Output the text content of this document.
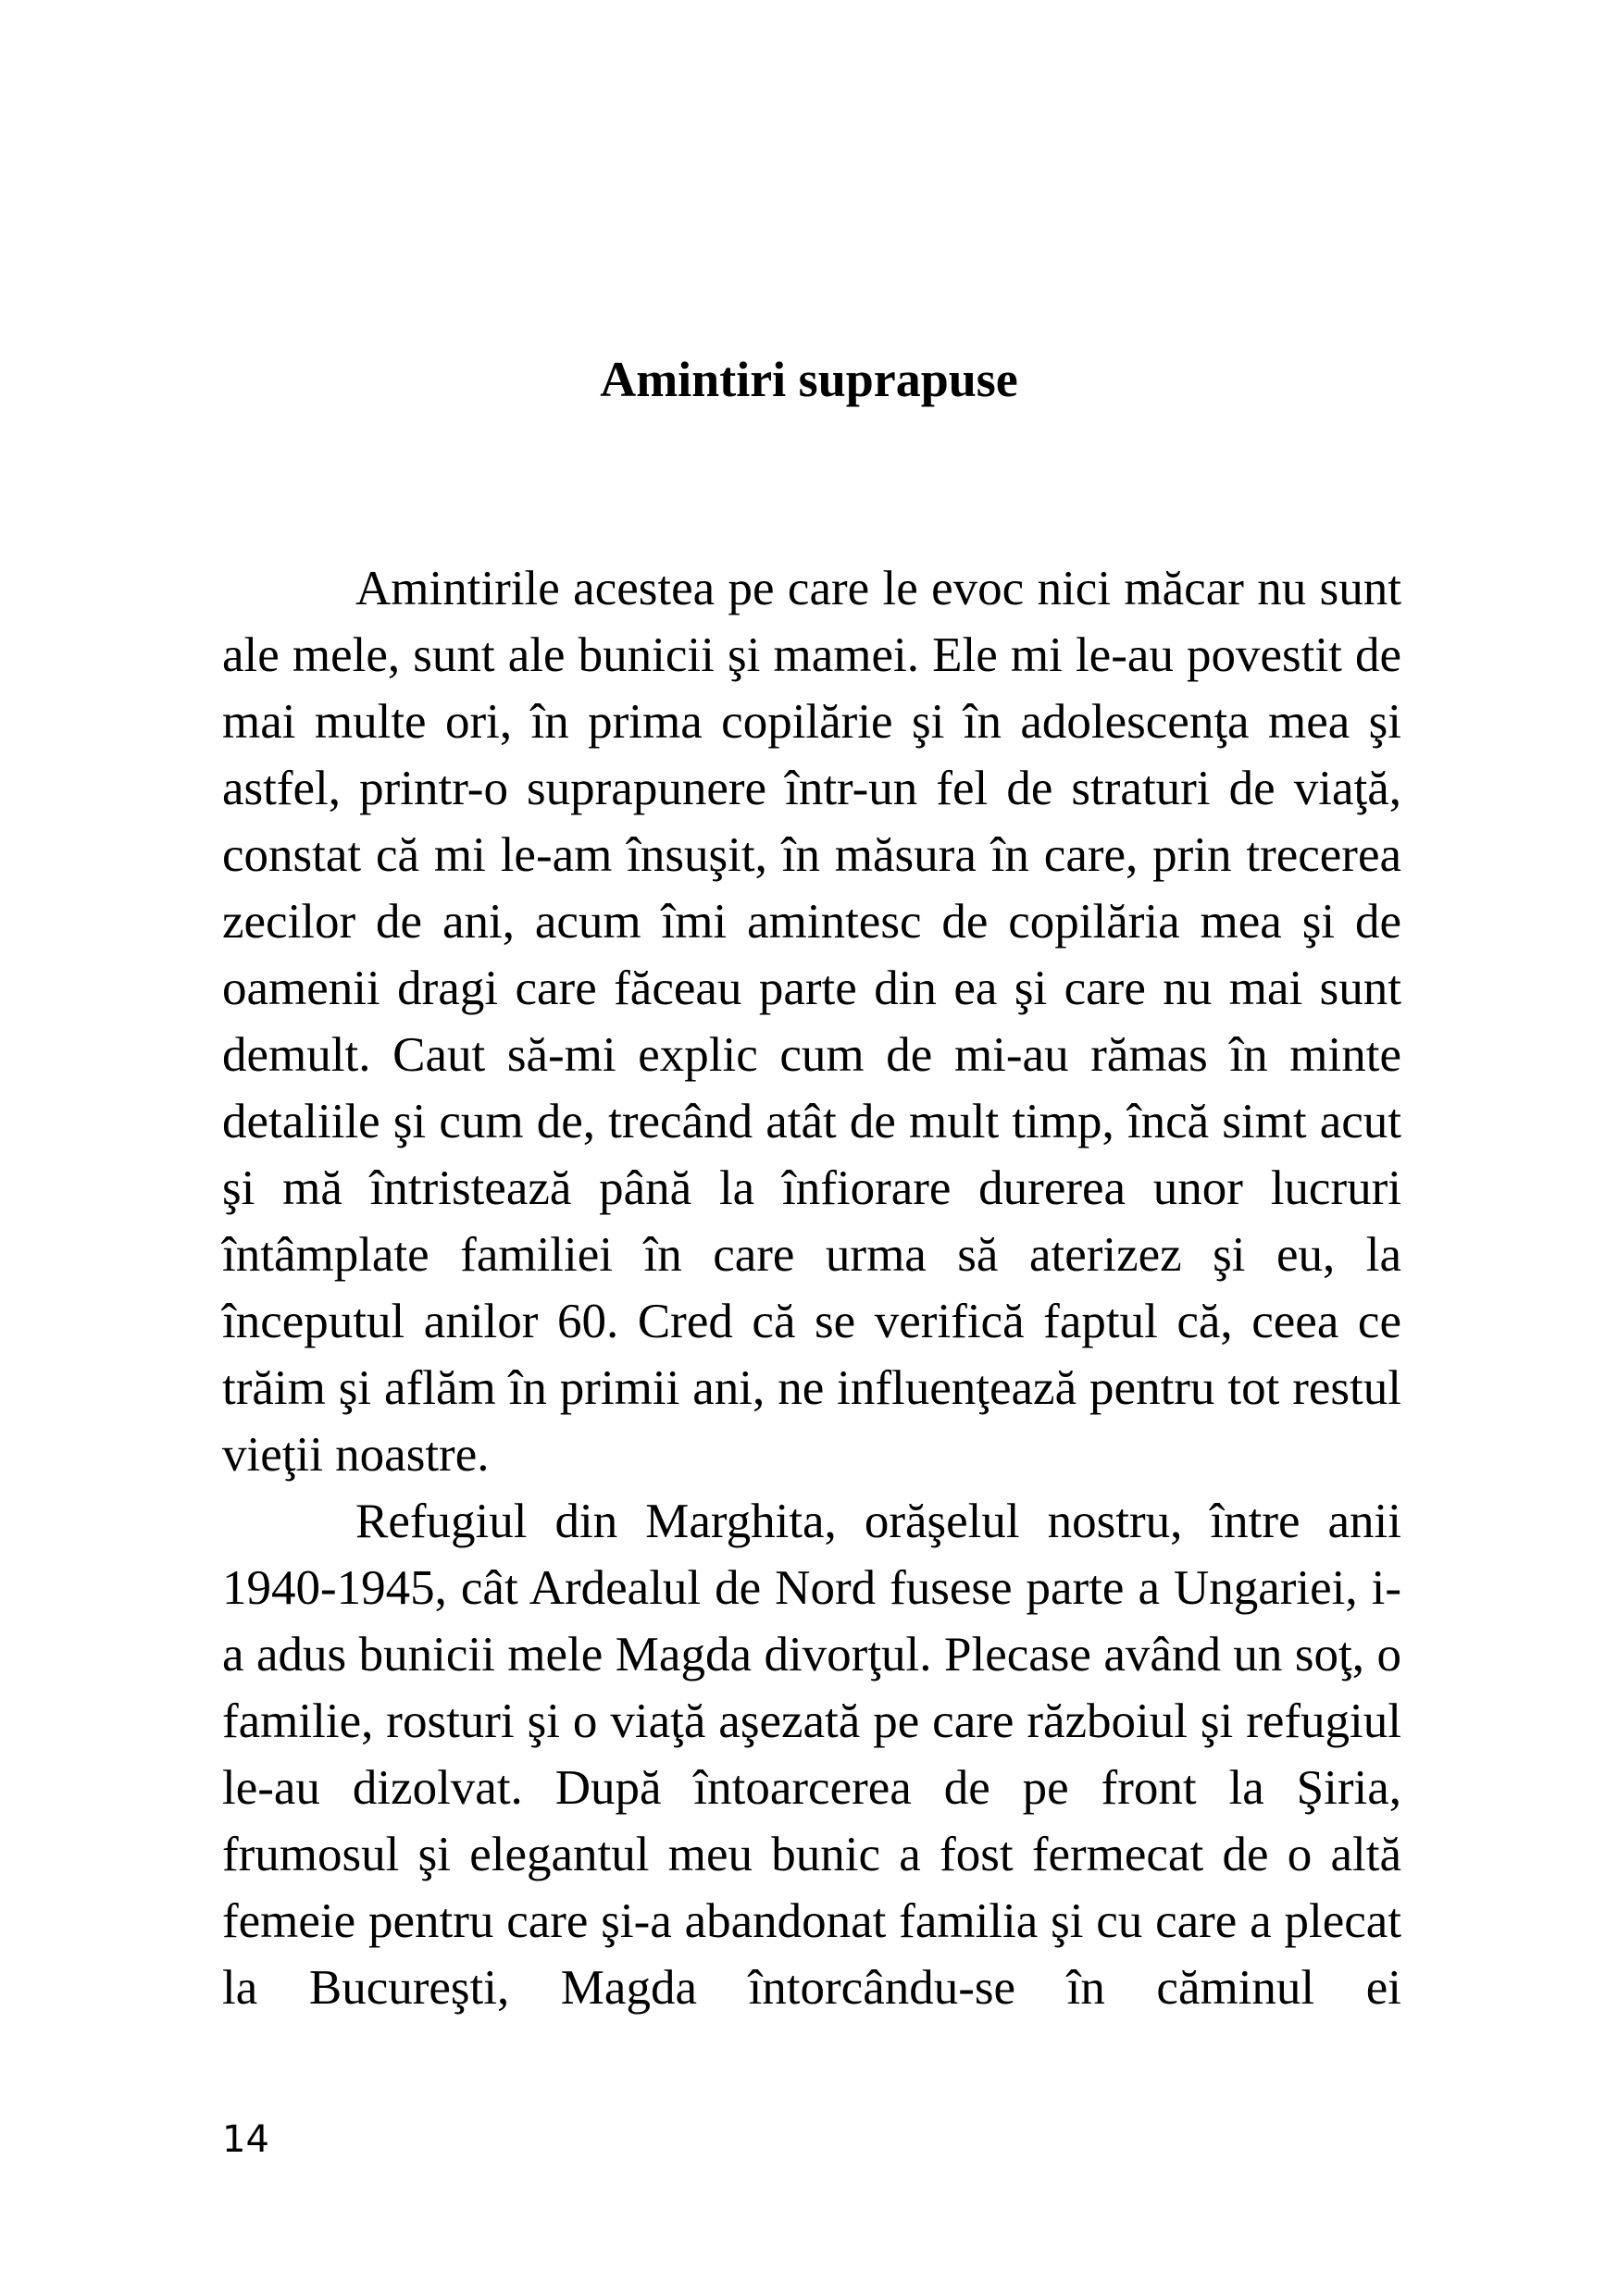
Amintiri suprapuse

Amintirile acestea pe care le evoc nici măcar nu sunt ale mele, sunt ale bunicii şi mamei. Ele mi le-au povestit de mai multe ori, în prima copilărie şi în adolescenţa mea şi astfel, printr-o suprapunere într-un fel de straturi de viaţă, constat că mi le-am însuşit, în măsura în care, prin trecerea zecilor de ani, acum îmi amintesc de copilăria mea şi de oamenii dragi care făceau parte din ea şi care nu mai sunt demult. Caut să-mi explic cum de mi-au rămas în minte detaliile şi cum de, trecând atât de mult timp, încă simt acut şi mă întristează până la înfiorare durerea unor lucruri întâmplate familiei în care urma să aterizez şi eu, la începutul anilor 60. Cred că se verifică faptul că, ceea ce trăim şi aflăm în primii ani, ne influenţează pentru tot restul vieţii noastre.

Refugiul din Marghita, orăşelul nostru, între anii 1940-1945, cât Ardealul de Nord fusese parte a Ungariei, i-a adus bunicii mele Magda divorţul. Plecase având un soţ, o familie, rosturi şi o viaţă aşezată pe care războiul şi refugiul le-au dizolvat. După întoarcerea de pe front la Şiria, frumosul şi elegantul meu bunic a fost fermecat de o altă femeie pentru care şi-a abandonat familia şi cu care a plecat la Bucureşti, Magda întorcându-se în căminul ei

14
